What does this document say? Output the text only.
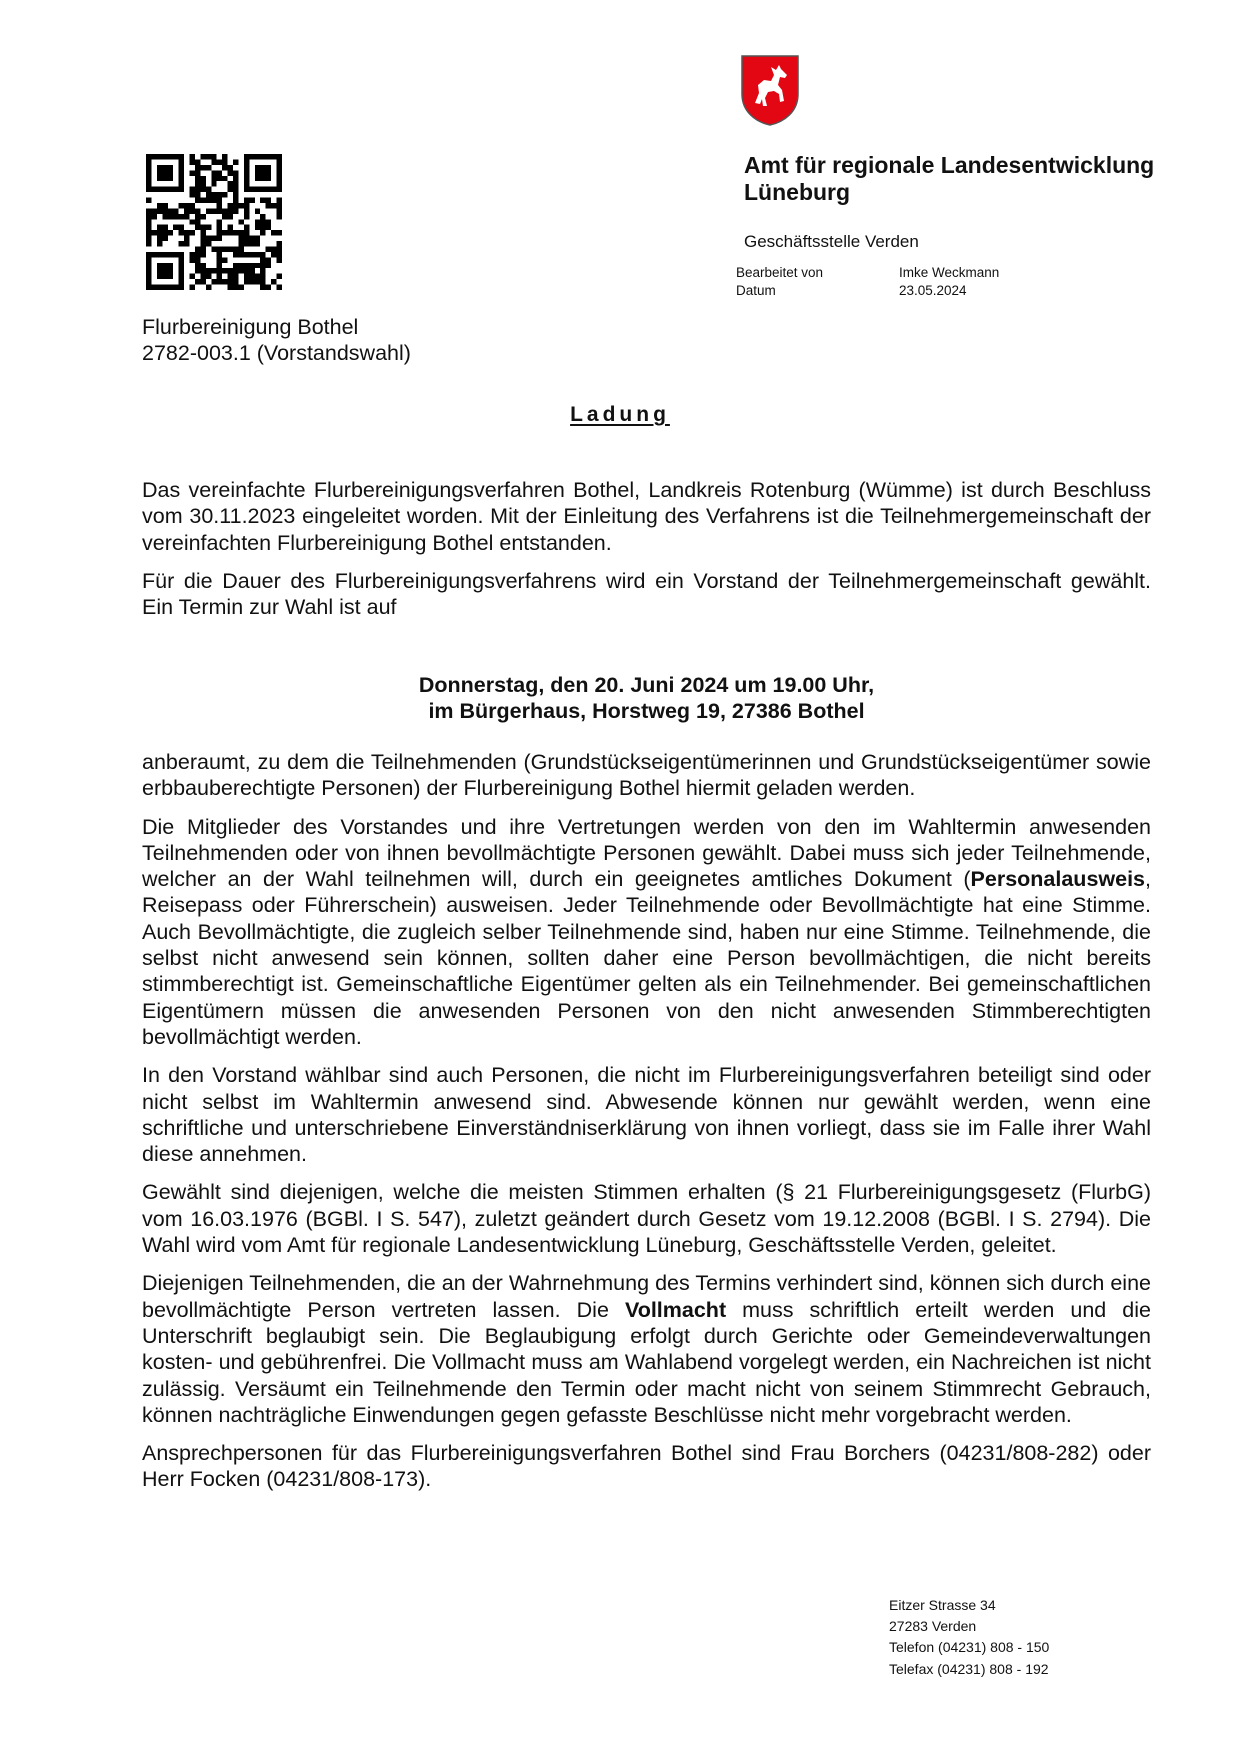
Amt für regionale Landesentwicklung
Lüneburg
Geschäftsstelle Verden
Bearbeitet von
Datum
Imke Weckmann
23.05.2024
Flurbereinigung Bothel
2782-003.1 (Vorstandswahl)
Ladung

Das vereinfachte Flurbereinigungsverfahren Bothel, Landkreis Rotenburg (Wümme) ist durch Beschluss vom 30.11.2023 eingeleitet worden. Mit der Einleitung des Verfahrens ist die Teilnehmergemeinschaft der vereinfachten Flurbereinigung Bothel entstanden.

Für die Dauer des Flurbereinigungsverfahrens wird ein Vorstand der Teilnehmergemeinschaft gewählt. Ein Termin zur Wahl ist auf

Donnerstag, den 20. Juni 2024 um 19.00 Uhr,
im Bürgerhaus, Horstweg 19, 27386 Bothel

anberaumt, zu dem die Teilnehmenden (Grundstückseigentümerinnen und Grundstückseigentümer sowie erbbauberechtigte Personen) der Flurbereinigung Bothel hiermit geladen werden.

Die Mitglieder des Vorstandes und ihre Vertretungen werden von den im Wahltermin anwesenden Teilnehmenden oder von ihnen bevollmächtigte Personen gewählt. Dabei muss sich jeder Teilnehmende, welcher an der Wahl teilnehmen will, durch ein geeignetes amtliches Dokument (Personalausweis, Reisepass oder Führerschein) ausweisen. Jeder Teilnehmende oder Bevollmächtigte hat eine Stimme. Auch Bevollmächtigte, die zugleich selber Teilnehmende sind, haben nur eine Stimme. Teilnehmende, die selbst nicht anwesend sein können, sollten daher eine Person bevollmächtigen, die nicht bereits stimmberechtigt ist. Gemeinschaftliche Eigentümer gelten als ein Teilnehmender. Bei gemeinschaftlichen Eigentümern müssen die anwesenden Personen von den nicht anwesenden Stimmberechtigten bevollmächtigt werden.

In den Vorstand wählbar sind auch Personen, die nicht im Flurbereinigungsverfahren beteiligt sind oder nicht selbst im Wahltermin anwesend sind. Abwesende können nur gewählt werden, wenn eine schriftliche und unterschriebene Einverständniserklärung von ihnen vorliegt, dass sie im Falle ihrer Wahl diese annehmen.

Gewählt sind diejenigen, welche die meisten Stimmen erhalten (§ 21 Flurbereinigungsgesetz (FlurbG) vom 16.03.1976 (BGBl. I S. 547), zuletzt geändert durch Gesetz vom 19.12.2008 (BGBl. I S. 2794). Die Wahl wird vom Amt für regionale Landesentwicklung Lüneburg, Geschäftsstelle Verden, geleitet.

Diejenigen Teilnehmenden, die an der Wahrnehmung des Termins verhindert sind, können sich durch eine bevollmächtigte Person vertreten lassen. Die Vollmacht muss schriftlich erteilt werden und die Unterschrift beglaubigt sein. Die Beglaubigung erfolgt durch Gerichte oder Gemeindeverwaltungen kosten- und gebührenfrei. Die Vollmacht muss am Wahlabend vorgelegt werden, ein Nachreichen ist nicht zulässig. Versäumt ein Teilnehmende den Termin oder macht nicht von seinem Stimmrecht Gebrauch, können nachträgliche Einwendungen gegen gefasste Beschlüsse nicht mehr vorgebracht werden.

Ansprechpersonen für das Flurbereinigungsverfahren Bothel sind Frau Borchers (04231/808-282) oder Herr Focken (04231/808-173).

Eitzer Strasse 34
27283 Verden
Telefon (04231) 808 - 150
Telefax (04231) 808 - 192
